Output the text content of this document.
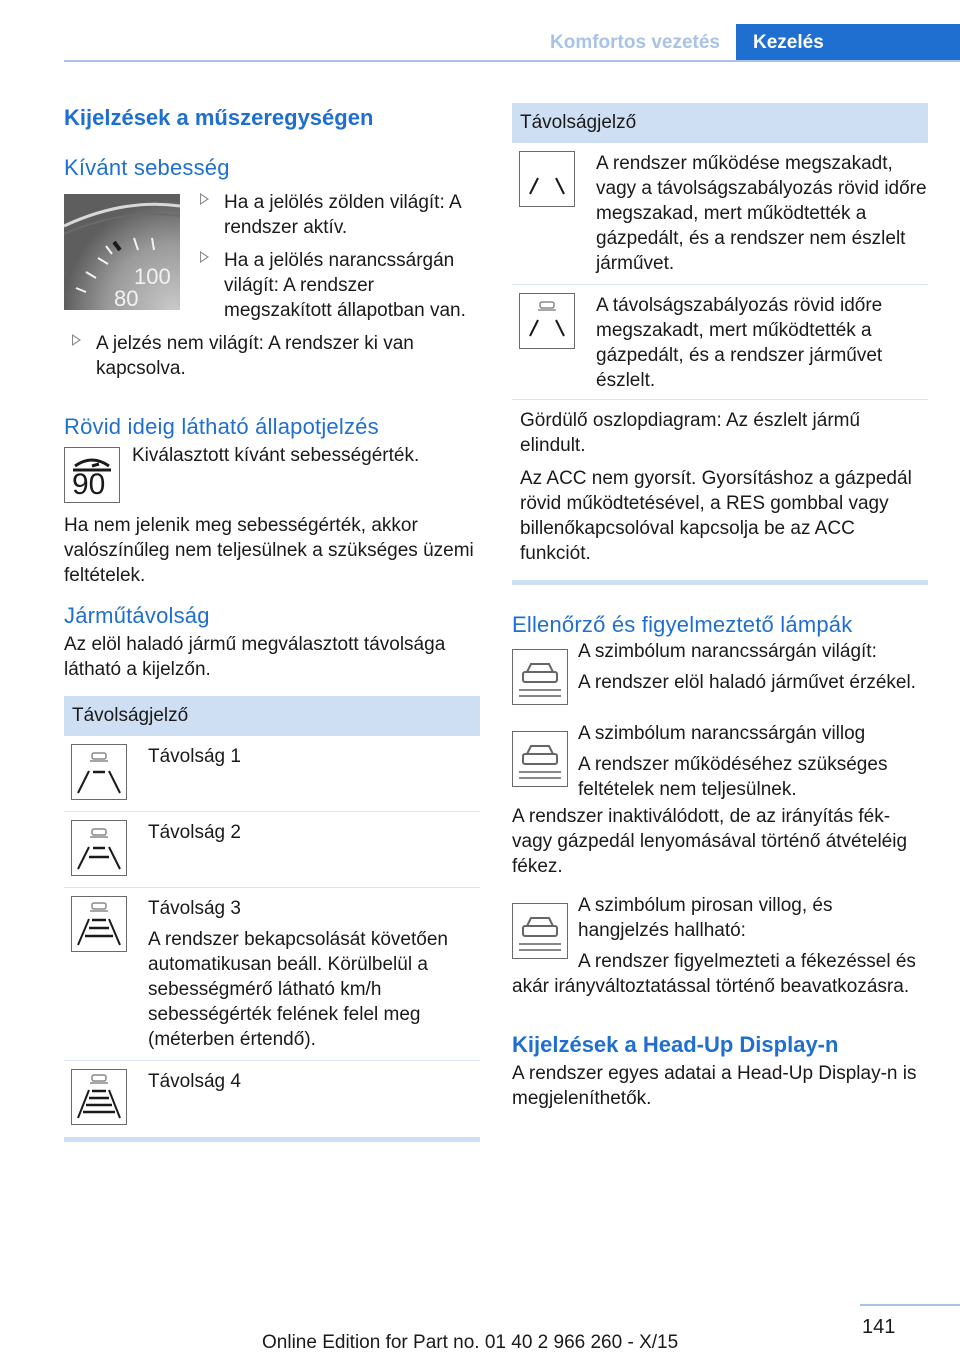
Komfortos vezetés	Kezelés
Kijelzések a műszeregységen
Kívánt sebesség
100
80
Ha a jelölés zölden világít: A rendszer aktív.
Ha a jelölés narancssárgán világít: A rendszer megszakított állapotban van.
A jelzés nem világít: A rendszer ki van kapcsolva.
Rövid ideig látható állapotjelzés
90

Kiválasztott kívánt sebességérték.

Ha nem jelenik meg sebességérték, akkor valószínűleg nem teljesülnek a szükséges üzemi feltételek.

Járműtávolság

Az elöl haladó jármű megválasztott távolsága látható a kijelzőn.

Távolságjelző

Távolság 1

Távolság 2

Távolság 3

A rendszer bekapcsolását követően automatikusan beáll. Körülbelül a sebességmérő látható km/h sebességérték felének felel meg (méterben értendő).

Távolság 4

Távolságjelző

A rendszer működése megszakadt, vagy a távolságszabályozás rövid időre megszakad, mert működtették a gázpedált, és a rendszer nem észlelt járművet.

A távolságszabályozás rövid időre megszakadt, mert működtették a gázpedált, és a rendszer járművet észlelt.

Gördülő oszlopdiagram: Az észlelt jármű elindult.

Az ACC nem gyorsít. Gyorsításhoz a gázpedál rövid működtetésével, a RES gombbal vagy billenőkapcsolóval kapcsolja be az ACC funkciót.

Ellenőrző és figyelmeztető lámpák

A szimbólum narancssárgán világít:

A rendszer elöl haladó járművet érzékel.

A szimbólum narancssárgán villog

A rendszer működéséhez szükséges feltételek nem teljesülnek.

A rendszer inaktiválódott, de az irányítás fék- vagy gázpedál lenyomásával történő átvételéig fékez.

A szimbólum pirosan villog, és hangjelzés hallható:

A rendszer figyelmezteti a fékezéssel és akár irányváltoztatással történő beavatkozásra.

Kijelzések a Head-Up Display-n

A rendszer egyes adatai a Head-Up Display-n is megjeleníthetők.

141
Online Edition for Part no. 01 40 2 966 260 - X/15
